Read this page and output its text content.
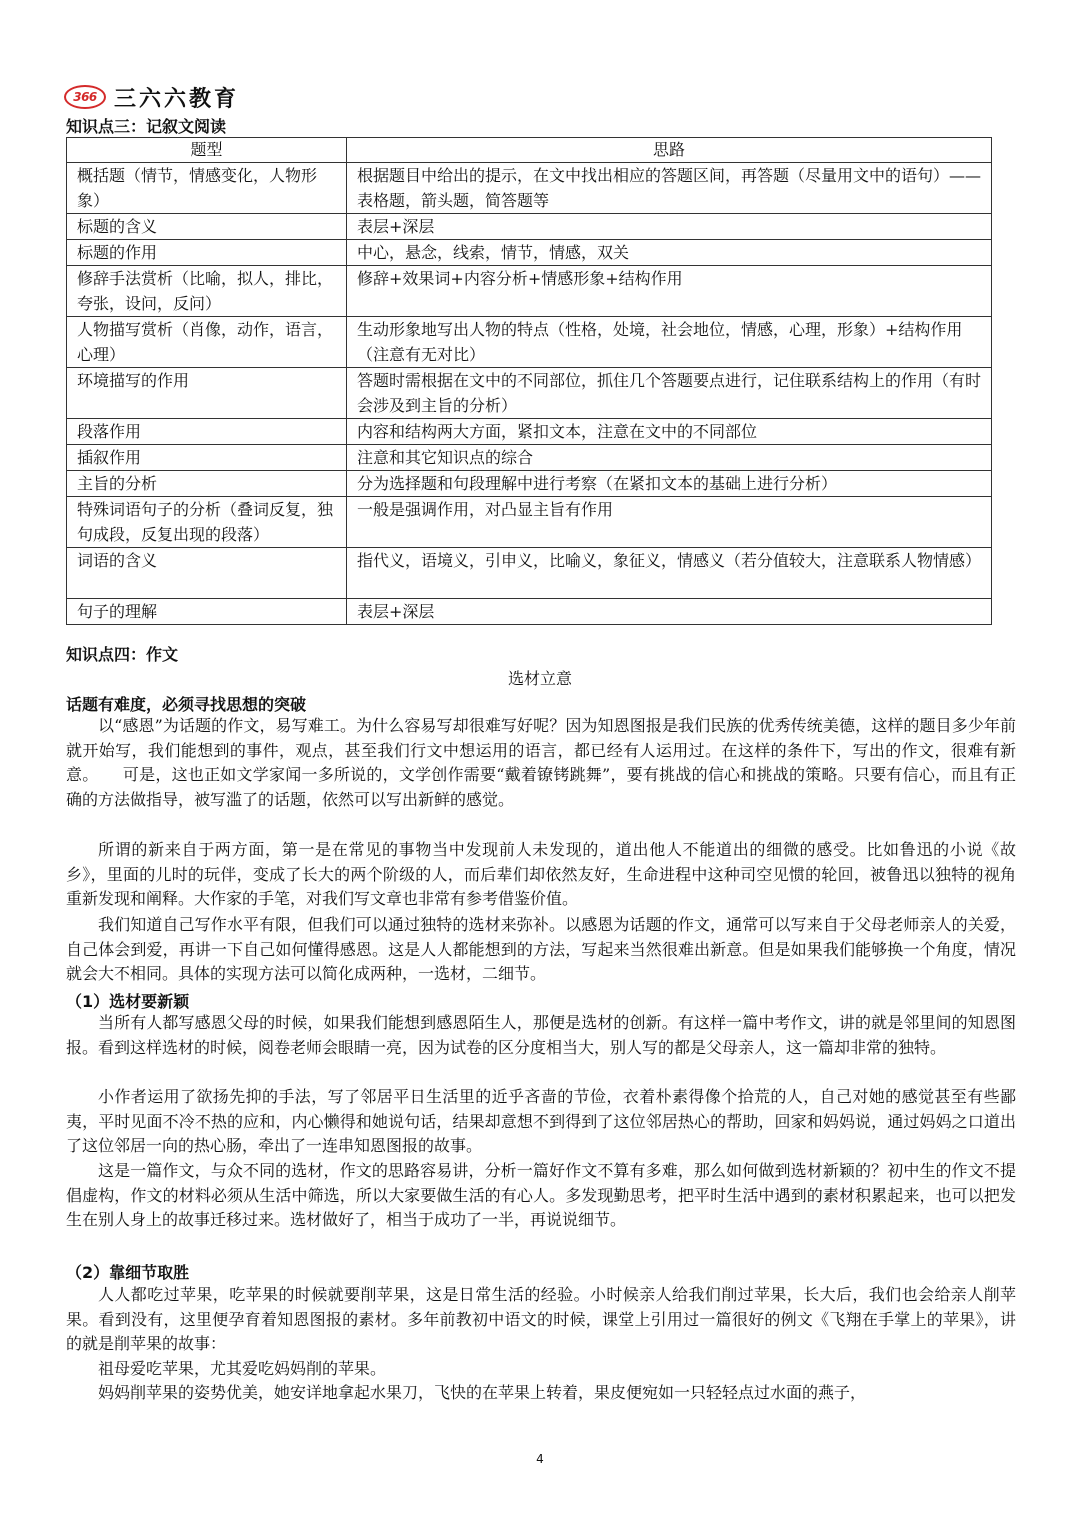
366 三六六教育
知识点三：记叙文阅读
题型	思路
概括题（情节，情感变化，人物形象）	根据题目中给出的提示，在文中找出相应的答题区间，再答题（尽量用文中的语句）——表格题，箭头题，简答题等
标题的含义	表层+深层
标题的作用	中心，悬念，线索，情节，情感，双关
修辞手法赏析（比喻，拟人，排比，夸张，设问，反问）	修辞+效果词+内容分析+情感形象+结构作用
人物描写赏析（肖像，动作，语言，心理）	生动形象地写出人物的特点（性格，处境，社会地位，情感，心理，形象）+结构作用（注意有无对比）
环境描写的作用	答题时需根据在文中的不同部位，抓住几个答题要点进行，记住联系结构上的作用（有时会涉及到主旨的分析）
段落作用	内容和结构两大方面，紧扣文本，注意在文中的不同部位
插叙作用	注意和其它知识点的综合
主旨的分析	分为选择题和句段理解中进行考察（在紧扣文本的基础上进行分析）
特殊词语句子的分析（叠词反复，独句成段，反复出现的段落）	一般是强调作用，对凸显主旨有作用
词语的含义	指代义，语境义，引申义，比喻义，象征义，情感义（若分值较大，注意联系人物情感）
句子的理解	表层+深层
知识点四：作文
选材立意
话题有难度，必须寻找思想的突破

以“感恩”为话题的作文，易写难工。为什么容易写却很难写好呢？因为知恩图报是我们民族的优秀传统美德，这样的题目多少年前就开始写，我们能想到的事件，观点，甚至我们行文中想运用的语言，都已经有人运用过。在这样的条件下，写出的作文，很难有新意。　　可是，这也正如文学家闻一多所说的，文学创作需要“戴着镣铐跳舞”，要有挑战的信心和挑战的策略。只要有信心，而且有正确的方法做指导，被写滥了的话题，依然可以写出新鲜的感觉。

所谓的新来自于两方面，第一是在常见的事物当中发现前人未发现的，道出他人不能道出的细微的感受。比如鲁迅的小说《故乡》，里面的儿时的玩伴，变成了长大的两个阶级的人，而后辈们却依然友好，生命进程中这种司空见惯的轮回，被鲁迅以独特的视角重新发现和阐释。大作家的手笔，对我们写文章也非常有参考借鉴价值。

我们知道自己写作水平有限，但我们可以通过独特的选材来弥补。以感恩为话题的作文，通常可以写来自于父母老师亲人的关爱，自己体会到爱，再讲一下自己如何懂得感恩。这是人人都能想到的方法，写起来当然很难出新意。但是如果我们能够换一个角度，情况就会大不相同。具体的实现方法可以简化成两种，一选材，二细节。

（1）选材要新颖

当所有人都写感恩父母的时候，如果我们能想到感恩陌生人，那便是选材的创新。有这样一篇中考作文，讲的就是邻里间的知恩图报。看到这样选材的时候，阅卷老师会眼睛一亮，因为试卷的区分度相当大，别人写的都是父母亲人，这一篇却非常的独特。

小作者运用了欲扬先抑的手法，写了邻居平日生活里的近乎吝啬的节俭，衣着朴素得像个拾荒的人，自己对她的感觉甚至有些鄙夷，平时见面不冷不热的应和，内心懒得和她说句话，结果却意想不到得到了这位邻居热心的帮助，回家和妈妈说，通过妈妈之口道出了这位邻居一向的热心肠，牵出了一连串知恩图报的故事。

这是一篇作文，与众不同的选材，作文的思路容易讲，分析一篇好作文不算有多难，那么如何做到选材新颖的？初中生的作文不提倡虚构，作文的材料必须从生活中筛选，所以大家要做生活的有心人。多发现勤思考，把平时生活中遇到的素材积累起来，也可以把发生在别人身上的故事迁移过来。选材做好了，相当于成功了一半，再说说细节。

（2）靠细节取胜

人人都吃过苹果，吃苹果的时候就要削苹果，这是日常生活的经验。小时候亲人给我们削过苹果，长大后，我们也会给亲人削苹果。看到没有，这里便孕育着知恩图报的素材。多年前教初中语文的时候，课堂上引用过一篇很好的例文《飞翔在手掌上的苹果》，讲的就是削苹果的故事：

祖母爱吃苹果，尤其爱吃妈妈削的苹果。

妈妈削苹果的姿势优美，她安详地拿起水果刀，飞快的在苹果上转着，果皮便宛如一只轻轻点过水面的燕子，

4
